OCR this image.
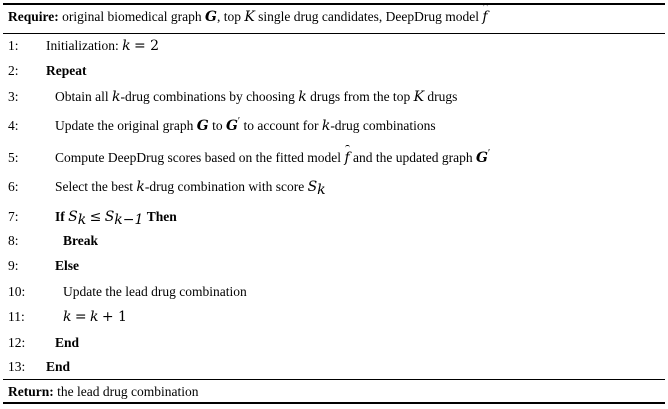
Require: original biomedical graph G, top K single drug candidates, DeepDrug model f
1: Initialization: k = 2
2: Repeat
3:	Obtain all k-drug combinations by choosing k drugs from the top K drugs
4:	Update the original graph G to G′ to account for k-drug combinations
5:	Compute DeepDrug scores based on the fitted model f and the updated graph G′
6:	Select the best k-drug combination with score $S_k$
7:	If $S_k \le S_{k-1}$ Then
8:	Break
9:	Else
10:	Update the lead drug combination
11:	k = k + 1
12: End
13: End
Return: the lead drug combination
